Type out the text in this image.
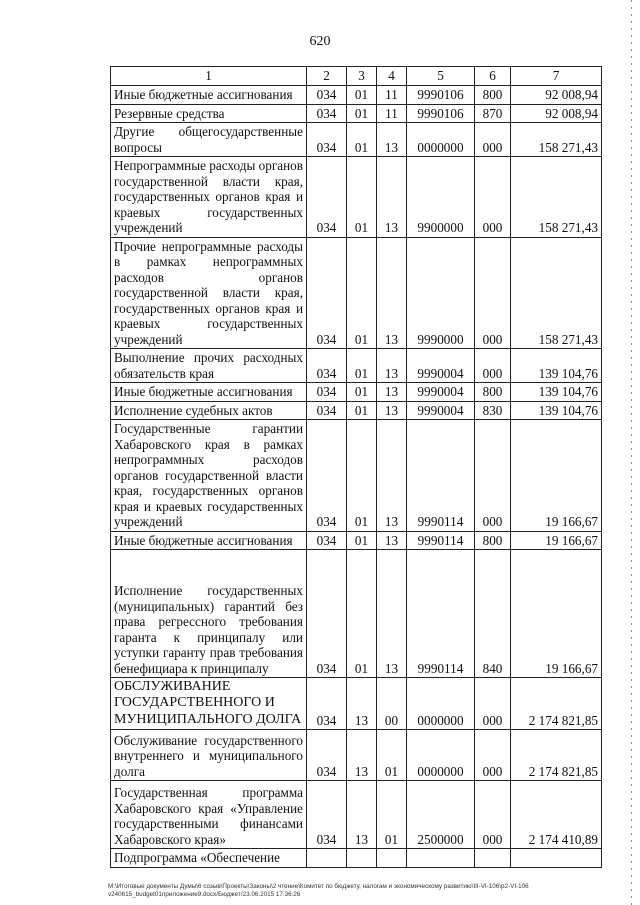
620
1	2	3	4	5	6	7
Иные бюджетные ассигнования	034	01	11	9990106	800	92 008,94
Резервные средства	034	01	11	9990106	870	92 008,94
Другие общегосударственные вопросы	034	01	13	0000000	000	158 271,43
Непрограммные расходы органов государственной власти края, государственных органов края и краевых государственных учреждений	034	01	13	9900000	000	158 271,43
Прочие непрограммные расходы в рамках непрограммных расходов органов государственной власти края, государственных органов края и краевых государственных учреждений	034	01	13	9990000	000	158 271,43
Выполнение прочих расходных обязательств края	034	01	13	9990004	000	139 104,76
Иные бюджетные ассигнования	034	01	13	9990004	800	139 104,76
Исполнение судебных актов	034	01	13	9990004	830	139 104,76
Государственные гарантии Хабаровского края в рамках непрограммных расходов органов государственной власти края, государственных органов края и краевых государственных учреждений	034	01	13	9990114	000	19 166,67
Иные бюджетные ассигнования	034	01	13	9990114	800	19 166,67
Исполнение государственных (муниципальных) гарантий без права регрессного требования гаранта к принципалу или уступки гаранту прав требования бенефициара к принципалу	034	01	13	9990114	840	19 166,67
ОБСЛУЖИВАНИЕ ГОСУДАРСТВЕННОГО И МУНИЦИПАЛЬНОГО ДОЛГА	034	13	00	0000000	000	2 174 821,85
Обслуживание государственного внутреннего и муниципального долга	034	13	01	0000000	000	2 174 821,85
Государственная программа Хабаровского края «Управление государственными финансами Хабаровского края»	034	13	01	2500000	000	2 174 410,89
Подпрограмма «Обеспечение						
M:\Итоговые документы Думы\6 созыв\Проекты\Законы\2 чтение\Комитет по бюджету, налогам и экономическому развитию\III-VI-106\р2-VI-106 v240615_budget01приложение9.docx/Бюджет/23.06.2015 17:36:26
